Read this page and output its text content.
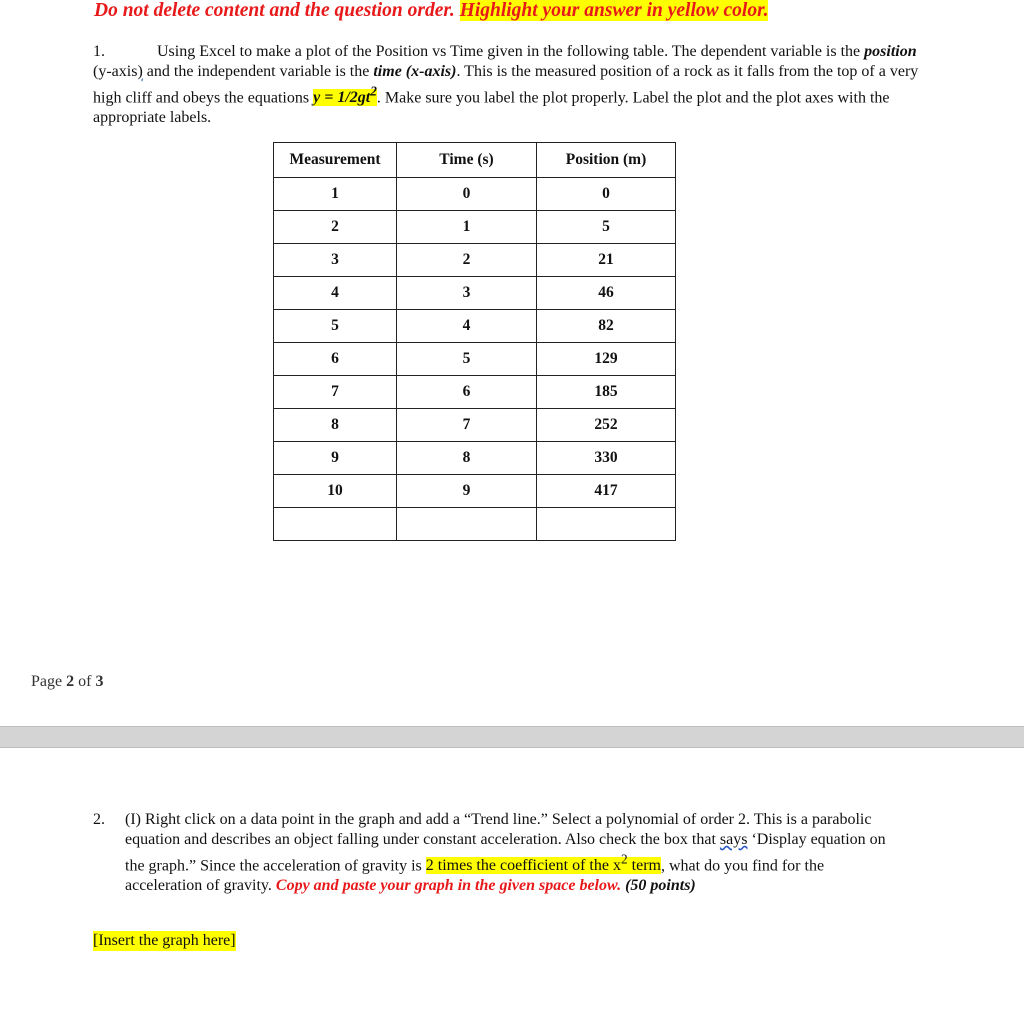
Do not delete content and the question order. Highlight your answer in yellow color.
1.	Using Excel to make a plot of the Position vs Time given in the following table. The dependent variable is the position (y-axis) and the independent variable is the time (x-axis). This is the measured position of a rock as it falls from the top of a very high cliff and obeys the equations $y = 1/2gt^2$. Make sure you label the plot properly. Label the plot and the plot axes with the appropriate labels.
Measurement	Time (s)	Position (m)
1	0	0
2	1	5
3	2	21
4	3	46
5	4	82
6	5	129
7	6	185
8	7	252
9	8	330
10	9	417

Page 2 of 3
2. (I) Right click on a data point in the graph and add a “Trend line.” Select a polynomial of order 2. This is a parabolic equation and describes an object falling under constant acceleration. Also check the box that says ‘Display equation on the graph.” Since the acceleration of gravity is 2 times the coefficient of the $x^2$ term, what do you find for the acceleration of gravity. Copy and paste your graph in the given space below. (50 points)
[Insert the graph here]
